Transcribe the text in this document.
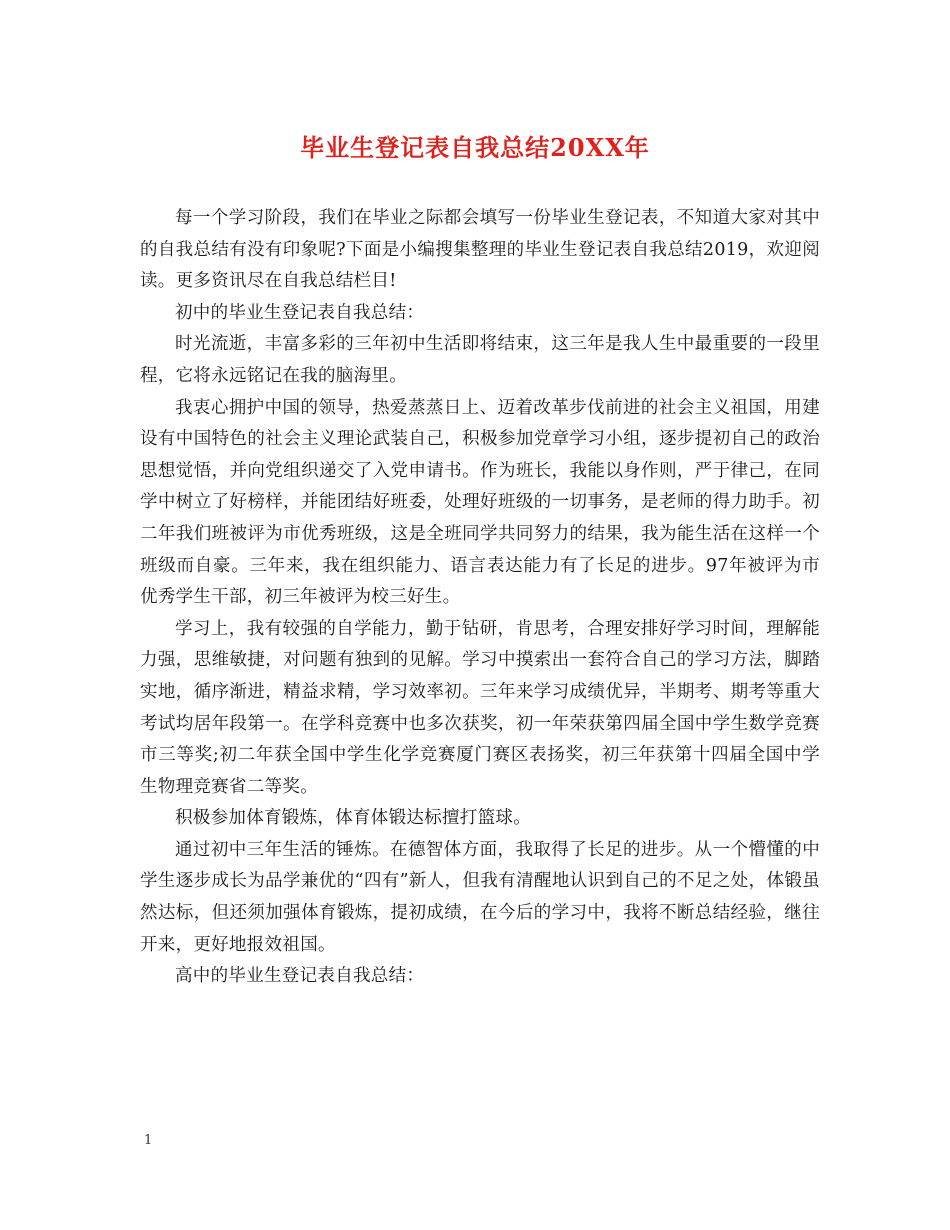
毕业生登记表自我总结20XX年

每一个学习阶段，我们在毕业之际都会填写一份毕业生登记表，不知道大家对其中的自我总结有没有印象呢?下面是小编搜集整理的毕业生登记表自我总结2019，欢迎阅读。更多资讯尽在自我总结栏目!

初中的毕业生登记表自我总结：

时光流逝，丰富多彩的三年初中生活即将结束，这三年是我人生中最重要的一段里程，它将永远铭记在我的脑海里。

我衷心拥护中国的领导，热爱蒸蒸日上、迈着改革步伐前进的社会主义祖国，用建设有中国特色的社会主义理论武装自己，积极参加党章学习小组，逐步提初自己的政治思想觉悟，并向党组织递交了入党申请书。作为班长，我能以身作则，严于律己，在同学中树立了好榜样，并能团结好班委，处理好班级的一切事务，是老师的得力助手。初二年我们班被评为市优秀班级，这是全班同学共同努力的结果，我为能生活在这样一个班级而自豪。三年来，我在组织能力、语言表达能力有了长足的进步。97年被评为市优秀学生干部，初三年被评为校三好生。

学习上，我有较强的自学能力，勤于钻研，肯思考，合理安排好学习时间，理解能力强，思维敏捷，对问题有独到的见解。学习中摸索出一套符合自己的学习方法，脚踏实地，循序渐进，精益求精，学习效率初。三年来学习成绩优异，半期考、期考等重大考试均居年段第一。在学科竞赛中也多次获奖，初一年荣获第四届全国中学生数学竞赛市三等奖;初二年获全国中学生化学竞赛厦门赛区表扬奖，初三年获第十四届全国中学生物理竞赛省二等奖。

积极参加体育锻炼，体育体锻达标擅打篮球。

通过初中三年生活的锤炼。在德智体方面，我取得了长足的进步。从一个懵懂的中学生逐步成长为品学兼优的“四有”新人，但我有清醒地认识到自己的不足之处，体锻虽然达标，但还须加强体育锻炼，提初成绩，在今后的学习中，我将不断总结经验，继往开来，更好地报效祖国。

高中的毕业生登记表自我总结：

1
